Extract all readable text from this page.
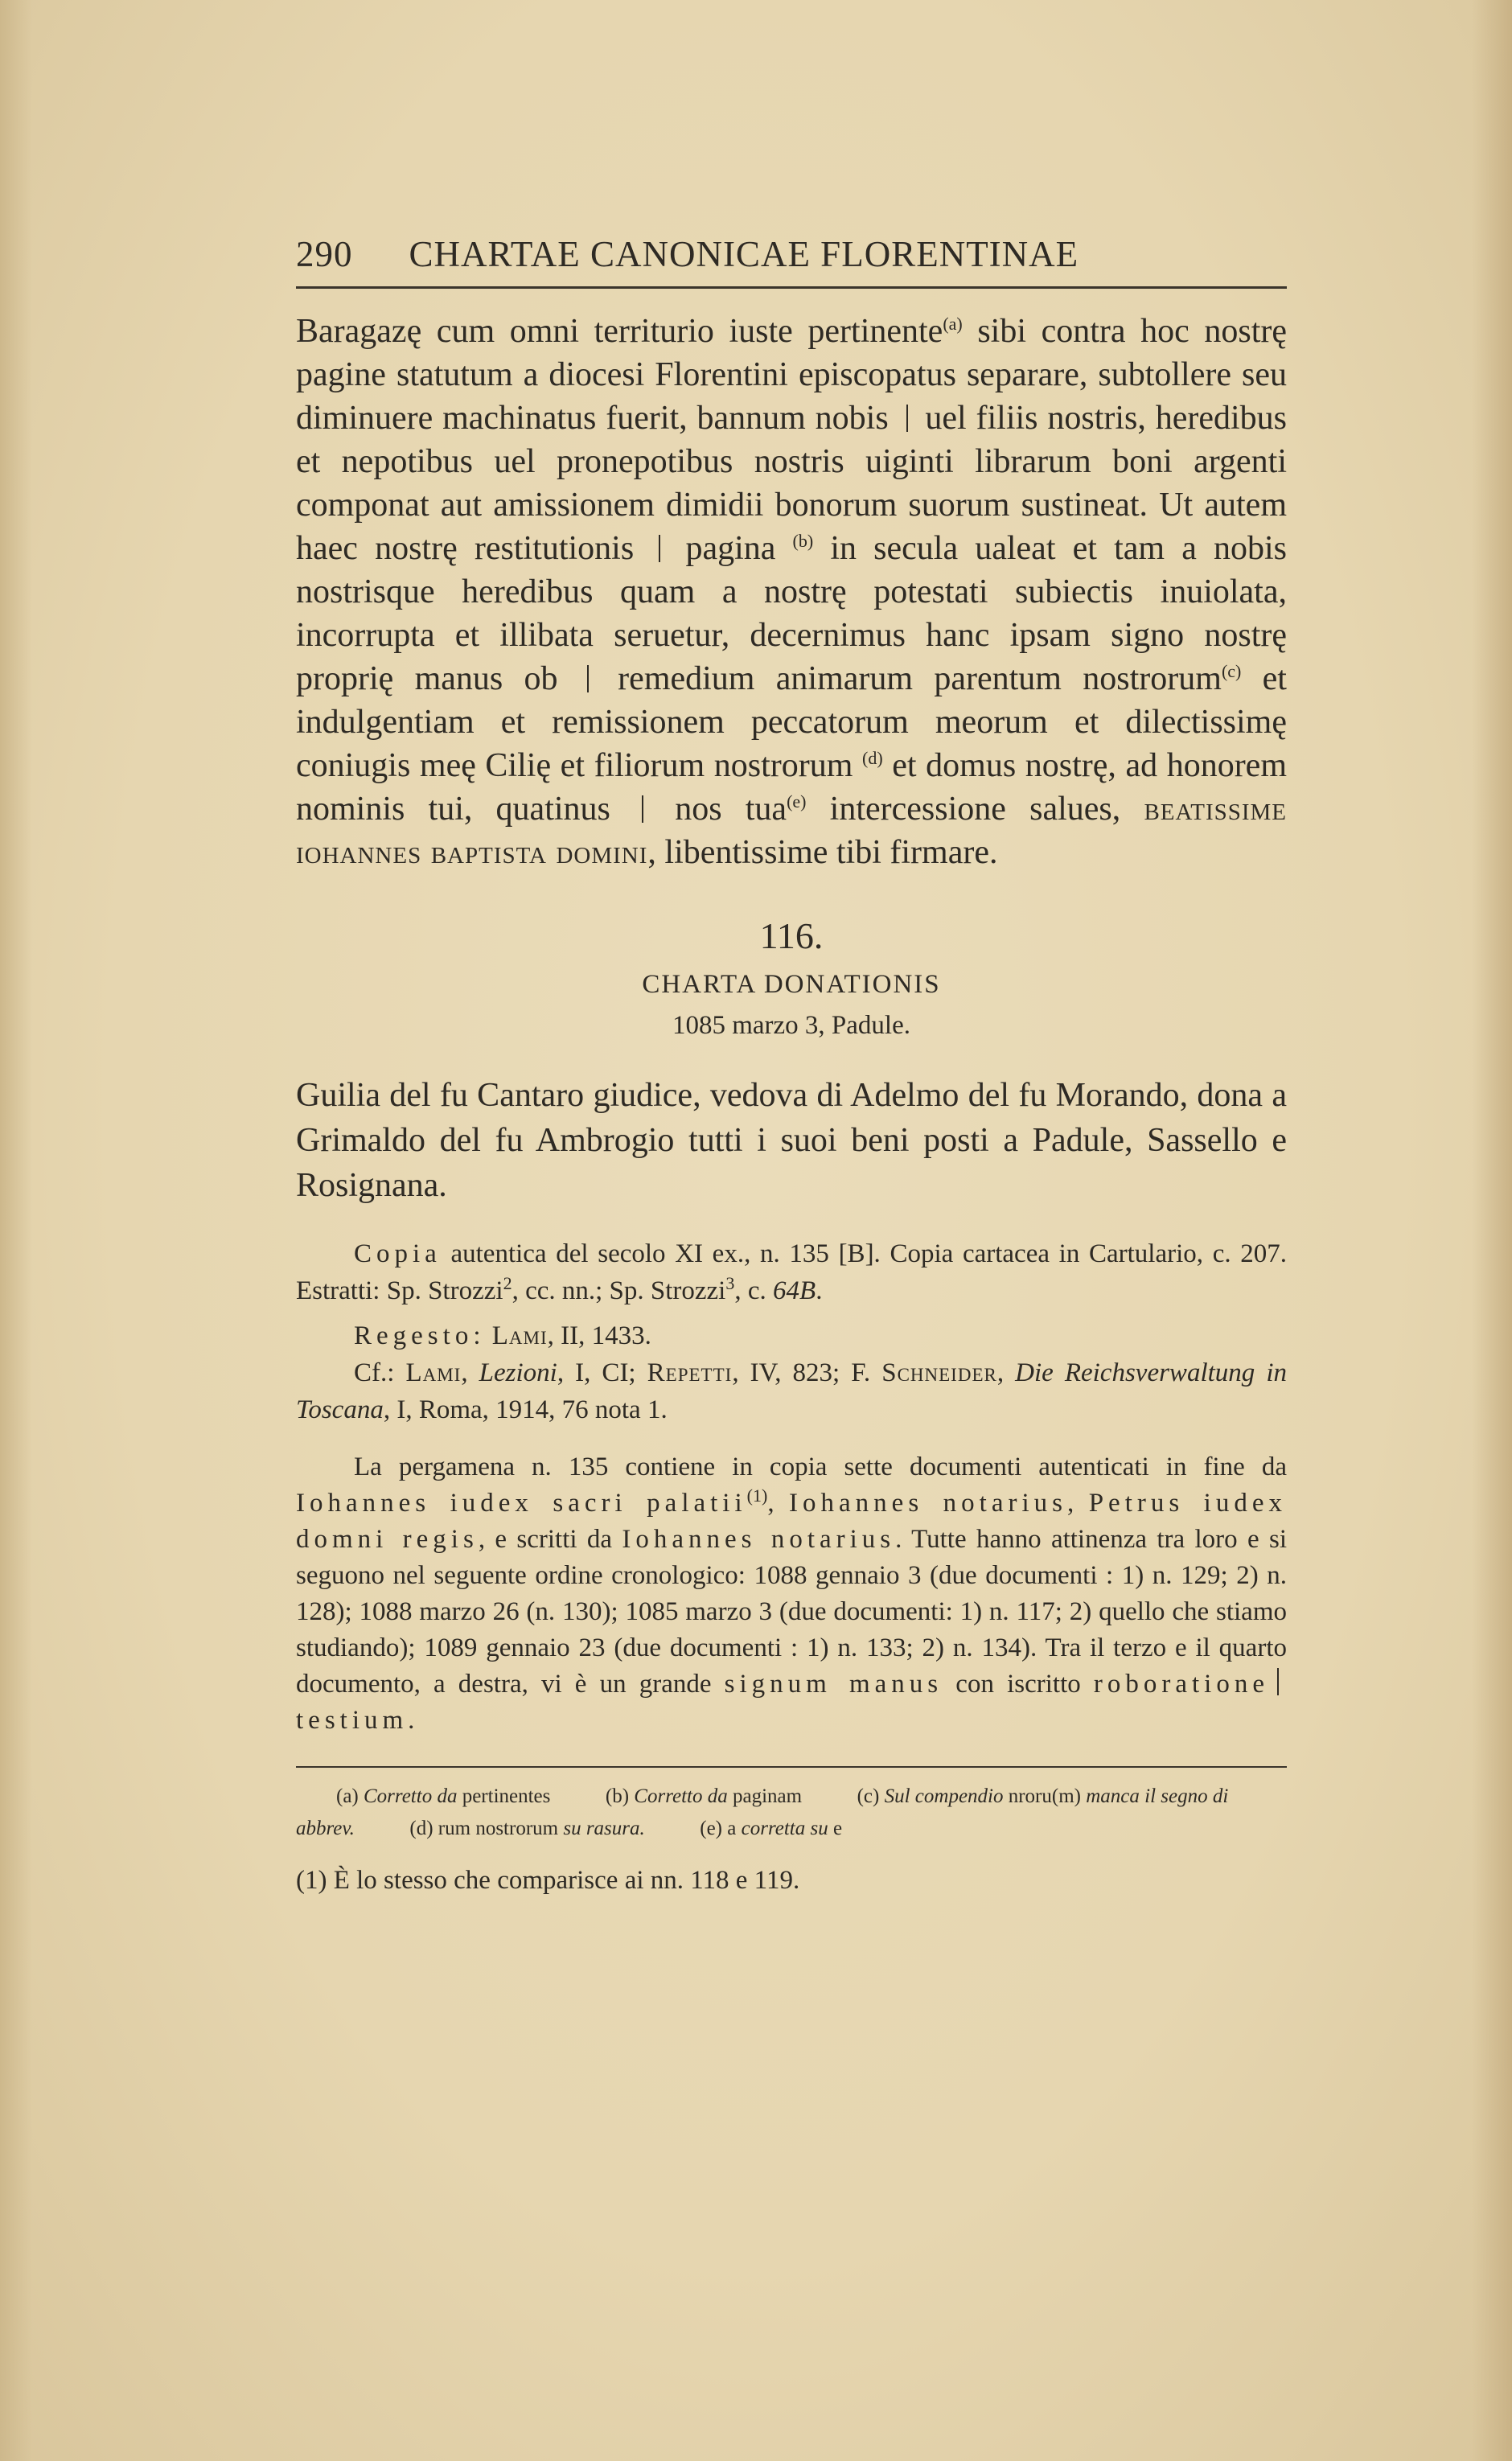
290 CHARTAE CANONICAE FLORENTINAE

Baragazę cum omni territurio iuste pertinente$^{(a)}$ sibi contra hoc nostrę pagine statutum a diocesi Florentini episcopatus separare, subtollere seu diminuere machinatus fuerit, bannum nobis  uel filiis nostris, heredibus et nepotibus uel pronepotibus nostris uiginti librarum boni argenti componat aut amissionem dimidii bonorum suorum sustineat. Ut autem haec nostrę restitutionis  pagina $^{(b)}$ in secula ualeat et tam a nobis nostrisque heredibus quam a nostrę potestati subiectis inuiolata, incorrupta et illibata seruetur, decernimus hanc ipsam signo nostrę proprię manus ob  remedium animarum parentum nostrorum$^{(c)}$ et indulgentiam et remissionem peccatorum meorum et dilectissimę coniugis meę Cilię et filiorum nostrorum $^{(d)}$ et domus nostrę, ad honorem nominis tui, quatinus  nos tua$^{(e)}$ intercessione salues, beatissime iohannes baptista domini, libentissime tibi firmare.

116.
CHARTA DONATIONIS
1085 marzo 3, Padule.
Guilia del fu Cantaro giudice, vedova di Adelmo del fu Morando, dona a Grimaldo del fu Ambrogio tutti i suoi beni posti a Padule, Sassello e Rosignana.

Copia autentica del secolo XI ex., n. 135 [B]. Copia cartacea in Cartulario, c. 207. Estratti: Sp. Strozzi$^2$, cc. nn.; Sp. Strozzi$^3$, c. 64B.

Regesto: Lami, II, 1433.

Cf.: Lami, Lezioni, I, CI; Repetti, IV, 823; F. Schneider, Die Reichsverwaltung in Toscana, I, Roma, 1914, 76 nota 1.

La pergamena n. 135 contiene in copia sette documenti autenticati in fine da Iohannes iudex sacri palatii$^{(1)}$, Iohannes notarius, Petrus iudex domni regis, e scritti da Iohannes notarius. Tutte hanno attinenza tra loro e si seguono nel seguente ordine cronologico: 1088 gennaio 3 (due documenti : 1) n. 129; 2) n. 128); 1088 marzo 26 (n. 130); 1085 marzo 3 (due documenti: 1) n. 117; 2) quello che stiamo studiando); 1089 gennaio 23 (due documenti : 1) n. 133; 2) n. 134). Tra il terzo e il quarto documento, a destra, vi è un grande signum manus con iscritto roborationetestium.

(a) Corretto da pertinentes	(b) Corretto da paginam	(c) Sul compendio nroru(m) manca il segno di abbrev.	(d) rum nostrorum su rasura.	(e) a corretta su e

(1) È lo stesso che comparisce ai nn. 118 e 119.
